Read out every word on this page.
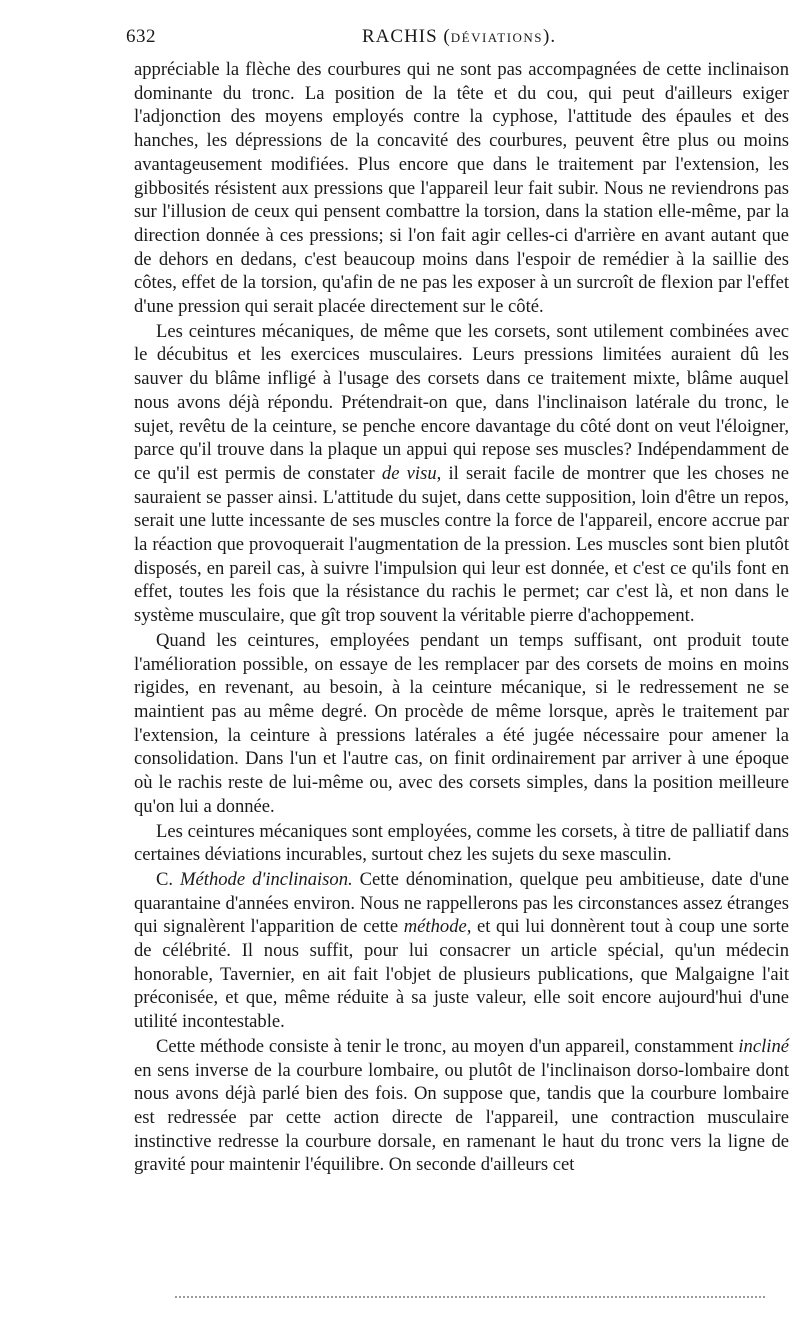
632	RACHIS (DÉVIATIONS).

appréciable la flèche des courbures qui ne sont pas accompagnées de cette inclinaison dominante du tronc. La position de la tête et du cou, qui peut d'ailleurs exiger l'adjonction des moyens employés contre la cyphose, l'attitude des épaules et des hanches, les dépressions de la concavité des courbures, peuvent être plus ou moins avantageusement modifiées. Plus encore que dans le traitement par l'extension, les gibbosités résistent aux pressions que l'appareil leur fait subir. Nous ne reviendrons pas sur l'illusion de ceux qui pensent combattre la torsion, dans la station elle-même, par la direction donnée à ces pressions; si l'on fait agir celles-ci d'arrière en avant autant que de dehors en dedans, c'est beaucoup moins dans l'espoir de remédier à la saillie des côtes, effet de la torsion, qu'afin de ne pas les exposer à un surcroît de flexion par l'effet d'une pression qui serait placée directement sur le côté.

Les ceintures mécaniques, de même que les corsets, sont utilement combinées avec le décubitus et les exercices musculaires. Leurs pressions limitées auraient dû les sauver du blâme infligé à l'usage des corsets dans ce traitement mixte, blâme auquel nous avons déjà répondu. Prétendrait-on que, dans l'inclinaison latérale du tronc, le sujet, revêtu de la ceinture, se penche encore davantage du côté dont on veut l'éloigner, parce qu'il trouve dans la plaque un appui qui repose ses muscles? Indépendamment de ce qu'il est permis de constater de visu, il serait facile de montrer que les choses ne sauraient se passer ainsi. L'attitude du sujet, dans cette supposition, loin d'être un repos, serait une lutte incessante de ses muscles contre la force de l'appareil, encore accrue par la réaction que provoquerait l'augmentation de la pression. Les muscles sont bien plutôt disposés, en pareil cas, à suivre l'impulsion qui leur est donnée, et c'est ce qu'ils font en effet, toutes les fois que la résistance du rachis le permet; car c'est là, et non dans le système musculaire, que gît trop souvent la véritable pierre d'achoppement.

Quand les ceintures, employées pendant un temps suffisant, ont produit toute l'amélioration possible, on essaye de les remplacer par des corsets de moins en moins rigides, en revenant, au besoin, à la ceinture mécanique, si le redressement ne se maintient pas au même degré. On procède de même lorsque, après le traitement par l'extension, la ceinture à pressions latérales a été jugée nécessaire pour amener la consolidation. Dans l'un et l'autre cas, on finit ordinairement par arriver à une époque où le rachis reste de lui-même ou, avec des corsets simples, dans la position meilleure qu'on lui a donnée.

Les ceintures mécaniques sont employées, comme les corsets, à titre de palliatif dans certaines déviations incurables, surtout chez les sujets du sexe masculin.

C. Méthode d'inclinaison. Cette dénomination, quelque peu ambitieuse, date d'une quarantaine d'années environ. Nous ne rappellerons pas les circonstances assez étranges qui signalèrent l'apparition de cette méthode, et qui lui donnèrent tout à coup une sorte de célébrité. Il nous suffit, pour lui consacrer un article spécial, qu'un médecin honorable, Tavernier, en ait fait l'objet de plusieurs publications, que Malgaigne l'ait préconisée, et que, même réduite à sa juste valeur, elle soit encore aujourd'hui d'une utilité incontestable.

Cette méthode consiste à tenir le tronc, au moyen d'un appareil, constamment incliné en sens inverse de la courbure lombaire, ou plutôt de l'inclinaison dorso-lombaire dont nous avons déjà parlé bien des fois. On suppose que, tandis que la courbure lombaire est redressée par cette action directe de l'appareil, une contraction musculaire instinctive redresse la courbure dorsale, en ramenant le haut du tronc vers la ligne de gravité pour maintenir l'équilibre. On seconde d'ailleurs cet
